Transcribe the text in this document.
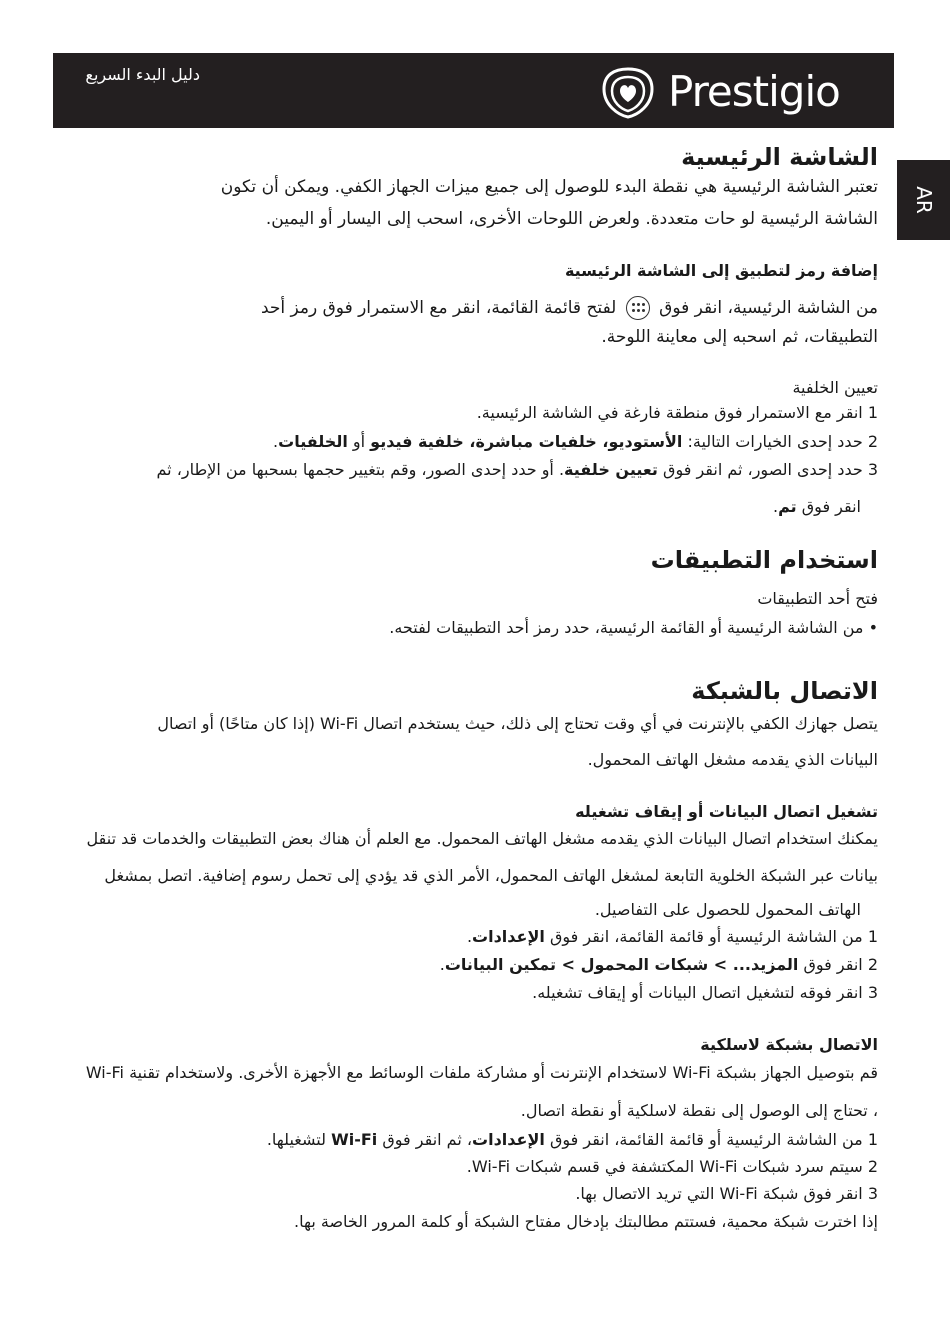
دليل البدء السريع	Prestigio
AR
الشاشة الرئيسية
تعتبر الشاشة الرئيسية هي نقطة البدء للوصول إلى جميع ميزات الجهاز الكفي. ويمكن أن تكون
الشاشة الرئيسية لو حات متعددة. ولعرض اللوحات الأخرى، اسحب إلى اليسار أو اليمين.
إضافة رمز لتطبيق إلى الشاشة الرئيسية
من الشاشة الرئيسية، انقر فوق
لفتح قائمة القائمة، انقر مع الاستمرار فوق رمز أحد
التطبيقات، ثم اسحبه إلى معاينة اللوحة.
تعيين الخلفية
1 انقر مع الاستمرار فوق منطقة فارغة في الشاشة الرئيسية.
2 حدد إحدى الخيارات التالية: الأستوديو، خلفيات مباشرة، خلفية فيديو أو الخلفيات.
3 حدد إحدى الصور، ثم انقر فوق تعيين خلفية. أو حدد إحدى الصور، وقم بتغيير حجمها بسحبها من الإطار، ثم
انقر فوق تم.
استخدام التطبيقات
فتح أحد التطبيقات
• من الشاشة الرئيسية أو القائمة الرئيسية، حدد رمز أحد التطبيقات لفتحه.
الاتصال بالشبكة
يتصل جهازك الكفي بالإنترنت في أي وقت تحتاج إلى ذلك، حيث يستخدم اتصال Wi-Fi (إذا كان متاحًا) أو اتصال
البيانات الذي يقدمه مشغل الهاتف المحمول.
تشغيل اتصال البيانات أو إيقاف تشغيله
يمكنك استخدام اتصال البيانات الذي يقدمه مشغل الهاتف المحمول. مع العلم أن هناك بعض التطبيقات والخدمات قد تنقل
بيانات عبر الشبكة الخلوية التابعة لمشغل الهاتف المحمول، الأمر الذي قد يؤدي إلى تحمل رسوم إضافية. اتصل بمشغل
الهاتف المحمول للحصول على التفاصيل.
1 من الشاشة الرئيسية أو قائمة القائمة، انقر فوق الإعدادات.
2 انقر فوق المزيد... > شبكات المحمول > تمكين البيانات.
3 انقر فوقه لتشغيل اتصال البيانات أو إيقاف تشغيله.
الاتصال بشبكة لاسلكية
قم بتوصيل الجهاز بشبكة Wi-Fi لاستخدام الإنترنت أو مشاركة ملفات الوسائط مع الأجهزة الأخرى. ولاستخدام تقنية Wi-Fi
، تحتاج إلى الوصول إلى نقطة لاسلكية أو نقطة اتصال.
1 من الشاشة الرئيسية أو قائمة القائمة، انقر فوق الإعدادات، ثم انقر فوق Wi-Fi لتشغيلها.
2 سيتم سرد شبكات Wi-Fi المكتشفة في قسم شبكات Wi-Fi.
3 انقر فوق شبكة Wi-Fi التي تريد الاتصال بها.
إذا اخترت شبكة محمية، فستتم مطالبتك بإدخال مفتاح الشبكة أو كلمة المرور الخاصة بها.
